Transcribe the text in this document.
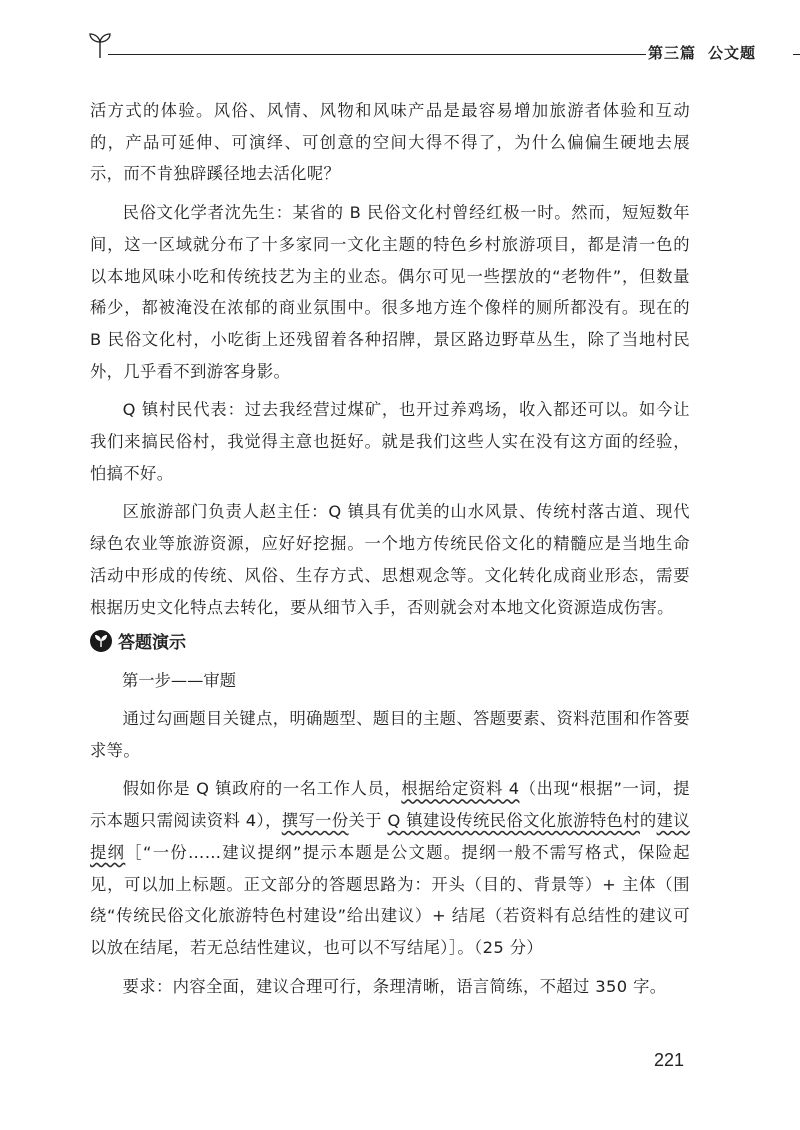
第三篇 公文题

活方式的体验。风俗、风情、风物和风味产品是最容易增加旅游者体验和互动的，产品可延伸、可演绎、可创意的空间大得不得了，为什么偏偏生硬地去展示，而不肯独辟蹊径地去活化呢？

民俗文化学者沈先生：某省的 B 民俗文化村曾经红极一时。然而，短短数年间，这一区域就分布了十多家同一文化主题的特色乡村旅游项目，都是清一色的以本地风味小吃和传统技艺为主的业态。偶尔可见一些摆放的“老物件”，但数量稀少，都被淹没在浓郁的商业氛围中。很多地方连个像样的厕所都没有。现在的 B 民俗文化村，小吃街上还残留着各种招牌，景区路边野草丛生，除了当地村民外，几乎看不到游客身影。

Q 镇村民代表：过去我经营过煤矿，也开过养鸡场，收入都还可以。如今让我们来搞民俗村，我觉得主意也挺好。就是我们这些人实在没有这方面的经验，怕搞不好。

区旅游部门负责人赵主任：Q 镇具有优美的山水风景、传统村落古道、现代绿色农业等旅游资源，应好好挖掘。一个地方传统民俗文化的精髓应是当地生命活动中形成的传统、风俗、生存方式、思想观念等。文化转化成商业形态，需要根据历史文化特点去转化，要从细节入手，否则就会对本地文化资源造成伤害。

答题演示
第一步——审题

通过勾画题目关键点，明确题型、题目的主题、答题要素、资料范围和作答要求等。

假如你是 Q 镇政府的一名工作人员，根据给定资料 4（出现“根据”一词，提示本题只需阅读资料 4），撰写一份关于 Q 镇建设传统民俗文化旅游特色村的建议提纲［“一份……建议提纲”提示本题是公文题。提纲一般不需写格式，保险起见，可以加上标题。正文部分的答题思路为：开头（目的、背景等）+ 主体（围绕“传统民俗文化旅游特色村建设”给出建议）+ 结尾（若资料有总结性的建议可以放在结尾，若无总结性建议，也可以不写结尾）］。（25 分）

要求：内容全面，建议合理可行，条理清晰，语言简练，不超过 350 字。

221
